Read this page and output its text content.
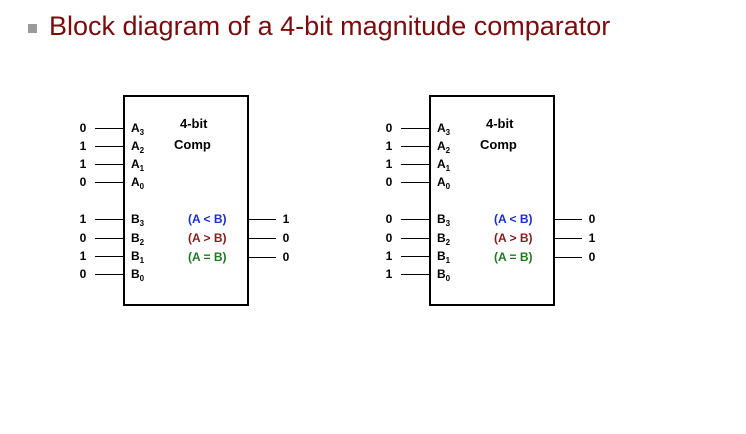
Block diagram of a 4-bit magnitude comparator
4-bit
Comp
0	$A_3$
1	$A_2$
1	$A_1$
0	$A_0$
1	$B_3$
0	$B_2$
1	$B_1$
0	$B_0$
(A < B)	1
(A > B)	0
(A = B)	0
4-bit
Comp
0	$A_3$
1	$A_2$
1	$A_1$
0	$A_0$
0	$B_3$
0	$B_2$
1	$B_1$
1	$B_0$
(A < B)	0
(A > B)	1
(A = B)	0
